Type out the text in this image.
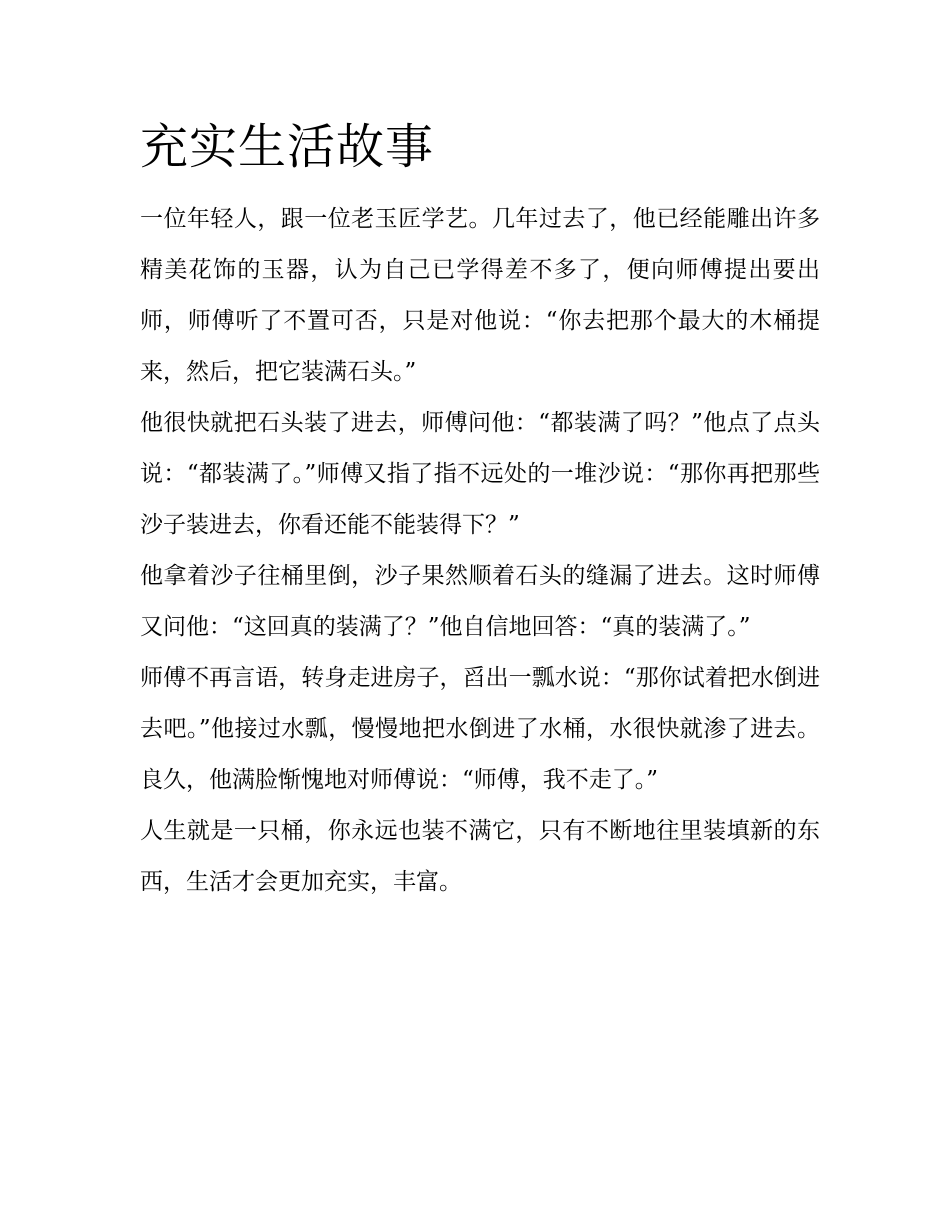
充实生活故事

一位年轻人，跟一位老玉匠学艺。几年过去了，他已经能雕出许多精美花饰的玉器，认为自己已学得差不多了，便向师傅提出要出师，师傅听了不置可否，只是对他说：“你去把那个最大的木桶提来，然后，把它装满石头。”

他很快就把石头装了进去，师傅问他：“都装满了吗？”他点了点头说：“都装满了。”师傅又指了指不远处的一堆沙说：“那你再把那些沙子装进去，你看还能不能装得下？”

他拿着沙子往桶里倒，沙子果然顺着石头的缝漏了进去。这时师傅又问他：“这回真的装满了？”他自信地回答：“真的装满了。”

师傅不再言语，转身走进房子，舀出一瓢水说：“那你试着把水倒进去吧。”他接过水瓢，慢慢地把水倒进了水桶，水很快就渗了进去。良久，他满脸惭愧地对师傅说：“师傅，我不走了。”

人生就是一只桶，你永远也装不满它，只有不断地往里装填新的东西，生活才会更加充实，丰富。
